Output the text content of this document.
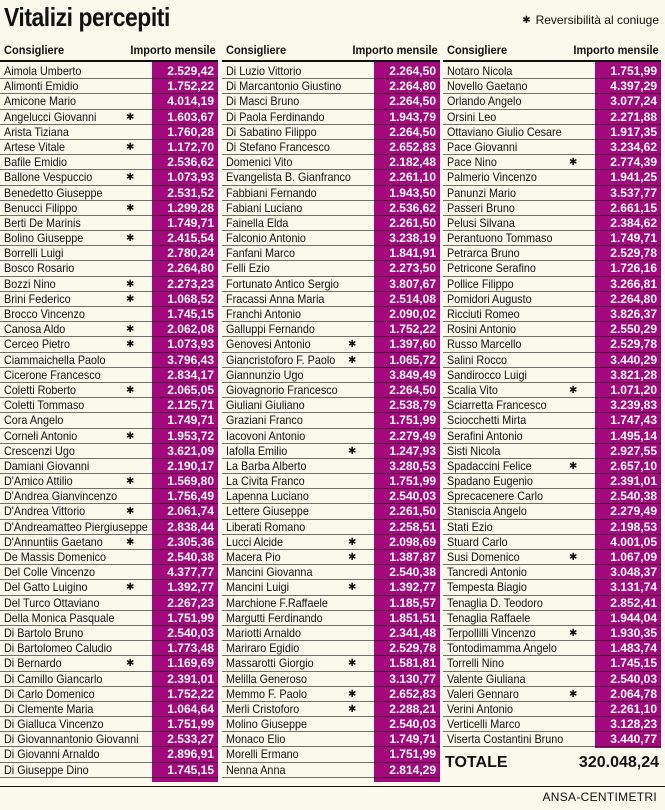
Vitalizi percepiti	✱ Reversibilità al coniuge
Consigliere	Importo mensile
Aimola Umberto	2.529,42
Alimonti Emidio	1.752,22
Amicone Mario	4.014,19
Angelucci Giovanni	✱	1.603,67
Arista Tiziana	1.760,28
Artese Vitale	✱	1.172,70
Bafile Emidio	2.536,62
Ballone Vespuccio	✱	1.073,93
Benedetto Giuseppe	2.531,52
Benucci Filippo	✱	1.299,28
Berti De Marinis	1.749,71
Bolino Giuseppe	✱	2.415,54
Borrelli Luigi	2.780,24
Bosco Rosario	2.264,80
Bozzi Nino	✱	2.273,23
Brini Federico	✱	1.068,52
Brocco Vincenzo	1.745,15
Canosa Aldo	✱	2.062,08
Cerceo Pietro	✱	1.073,93
Ciammaichella Paolo	3.796,43
Cicerone Francesco	2.834,17
Coletti Roberto	✱	2.065,05
Coletti Tommaso	2.125,71
Cora Angelo	1.749,71
Corneli Antonio	✱	1.953,72
Crescenzi Ugo	3.621,09
Damiani Giovanni	2.190,17
D'Amico Attilio	✱	1.569,80
D'Andrea Gianvincenzo	1.756,49
D'Andrea Vittorio	✱	2.061,74
D'Andreamatteo Piergiuseppe 2.838,44
D'Annuntiis Gaetano ✱	2.305,36
De Massis Domenico	2.540,38
Del Colle Vincenzo	4.377,77
Del Gatto Luigino	✱	1.392,77
Del Turco Ottaviano	2.267,23
Della Monica Pasquale	1.751,99
Di Bartolo Bruno	2.540,03
Di Bartolomeo Caludio	1.773,48
Di Bernardo	✱	1.169,69
Di Camillo Giancarlo	2.391,01
Di Carlo Domenico	1.752,22
Di Clemente Maria	1.064,64
Di Gialluca Vincenzo	1.751,99
Di Giovannantonio Giovanni 2.533,27
Di Giovanni Arnaldo	2.896,91
Di Giuseppe Dino	1.745,15
Consigliere	Importo mensile
Di Luzio Vittorio	2.264,50
Di Marcantonio Giustino	2.264,80
Di Masci Bruno	2.264,50
Di Paola Ferdinando	1.943,79
Di Sabatino Filippo	2.264,50
Di Stefano Francesco	2.652,83
Domenici Vito	2.182,48
Evangelista B. Gianfranco	2.261,10
Fabbiani Fernando	1.943,50
Fabiani Luciano	2.536,62
Fainella Elda	2.261,50
Falconio Antonio	3.238,19
Fanfani Marco	1.841,91
Felli Ezio	2.273,50
Fortunato Antico Sergio	3.807,67
Fracassi Anna Maria	2.514,08
Franchi Antonio	2.090,02
Galluppi Fernando	1.752,22
Genovesi Antonio	✱	1.397,60
Giancristoforo F. Paolo ✱	1.065,72
Giannunzio Ugo	3.849,49
Giovagnorio Francesco	2.264,50
Giuliani Giuliano	2.538,79
Graziani Franco	1.751,99
Iacovoni Antonio	2.279,49
Iafolla Emilio	✱	1.247,93
La Barba Alberto	3.280,53
La Civita Franco	1.751,99
Lapenna Luciano	2.540,03
Lettere Giuseppe	2.261,50
Liberati Romano	2.258,51
Lucci Alcide	✱	2.098,69
Macera Pio	✱	1.387,87
Mancini Giovanna	2.540,38
Mancini Luigi	✱	1.392,77
Marchione F.Raffaele	1.185,57
Margutti Ferdinando	1.851,51
Mariotti Arnaldo	2.341,48
Mariraro Egidio	2.529,78
Massarotti Giorgio	✱	1.581,81
Melilla Generoso	3.130,77
Memmo F. Paolo	✱	2.652,83
Merli Cristoforo	✱	2.288,21
Molino Giuseppe	2.540,03
Monaco Elio	1.749,71
Morelli Ermano	1.751,99
Nenna Anna	2.814,29
Consigliere	Importo mensile
Notaro Nicola	1.751,99
Novello Gaetano	4.397,29
Orlando Angelo	3.077,24
Orsini Leo	2.271,88
Ottaviano Giulio Cesare	1.917,35
Pace Giovanni	3.234,62
Pace Nino	✱	2.774,39
Palmerio Vincenzo	1.941,25
Panunzi Mario	3.537,77
Passeri Bruno	2.661,15
Pelusi Silvana	2.384,62
Perantuono Tommaso	1.749,71
Petrarca Bruno	2.529,78
Petricone Serafino	1.726,16
Pollice Filippo	3.266,81
Pomidori Augusto	2.264,80
Ricciuti Romeo	3.826,37
Rosini Antonio	2.550,29
Russo Marcello	2.529,78
Salini Rocco	3.440,29
Sandirocco Luigi	3.821,28
Scalia Vito	✱	1.071,20
Sciarretta Francesco	3.239,83
Sciocchetti Mirta	1.747,43
Serafini Antonio	1.495,14
Sisti Nicola	2.927,55
Spadaccini Felice	✱	2.657,10
Spadano Eugenio	2.391,01
Sprecacenere Carlo	2.540,38
Staniscia Angelo	2.279,49
Stati Ezio	2.198,53
Stuard Carlo	4.001,05
Susi Domenico	✱	1.067,09
Tancredi Antonio	3.048,37
Tempesta Biagio	3.131,74
Tenaglia D. Teodoro	2.852,41
Tenaglia Raffaele	1.944,04
Terpollilli Vincenzo	✱	1.930,35
Tontodimamma Angelo	1.483,74
Torrelli Nino	1.745,15
Valente Giuliana	2.540,03
Valeri Gennaro	✱	2.064,78
Verini Antonio	2.261,10
Verticelli Marco	3.128,23
Viserta Costantini Bruno	3.440,77
TOTALE	320.048,24
ANSA-CENTIMETRI
